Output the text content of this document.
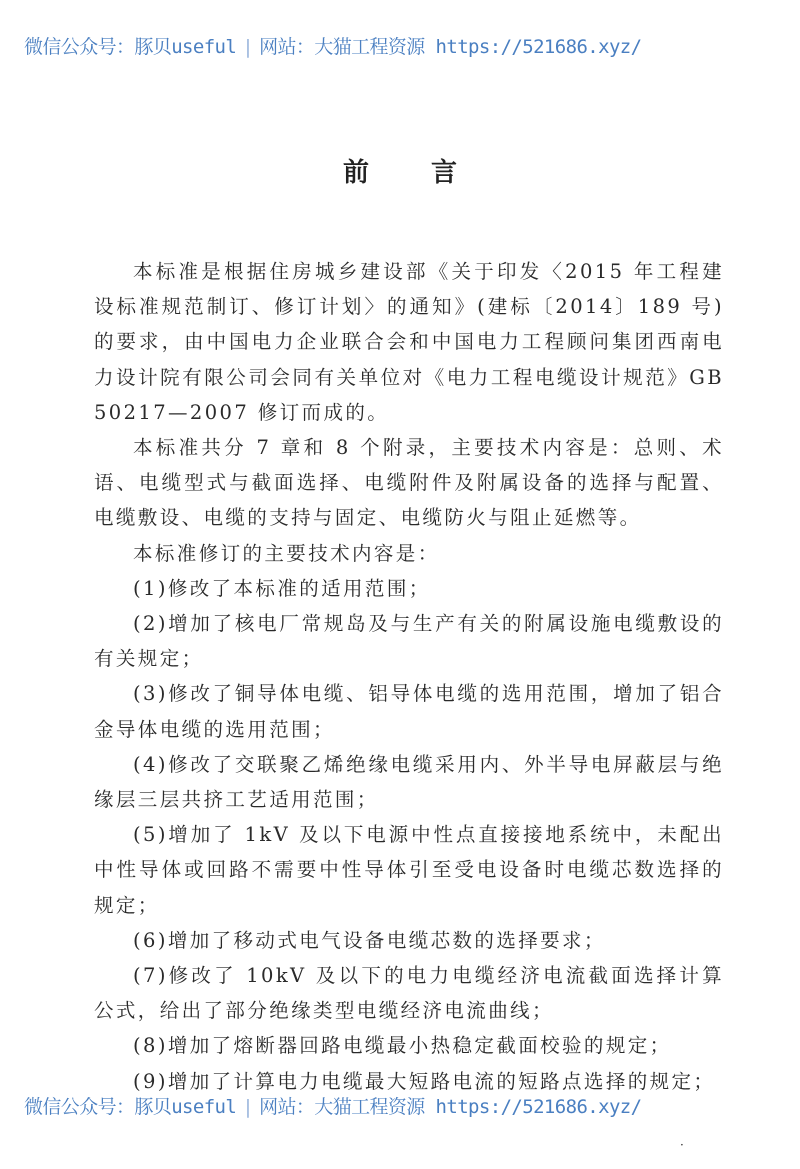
微信公众号：豚贝useful | 网站：大猫工程资源 https://521686.xyz/
前 言

本标准是根据住房城乡建设部《关于印发〈2015 年工程建设标准规范制订、修订计划〉的通知》(建标〔2014〕189 号)的要求，由中国电力企业联合会和中国电力工程顾问集团西南电力设计院有限公司会同有关单位对《电力工程电缆设计规范》GB 50217—2007 修订而成的。

本标准共分 7 章和 8 个附录，主要技术内容是：总则、术语、电缆型式与截面选择、电缆附件及附属设备的选择与配置、电缆敷设、电缆的支持与固定、电缆防火与阻止延燃等。

本标准修订的主要技术内容是：

(1)修改了本标准的适用范围；

(2)增加了核电厂常规岛及与生产有关的附属设施电缆敷设的有关规定；

(3)修改了铜导体电缆、铝导体电缆的选用范围，增加了铝合金导体电缆的选用范围；

(4)修改了交联聚乙烯绝缘电缆采用内、外半导电屏蔽层与绝缘层三层共挤工艺适用范围；

(5)增加了 1kV 及以下电源中性点直接接地系统中，未配出中性导体或回路不需要中性导体引至受电设备时电缆芯数选择的规定；

(6)增加了移动式电气设备电缆芯数的选择要求；

(7)修改了 10kV 及以下的电力电缆经济电流截面选择计算公式，给出了部分绝缘类型电缆经济电流曲线；

(8)增加了熔断器回路电缆最小热稳定截面校验的规定；

(9)增加了计算电力电缆最大短路电流的短路点选择的规定；

微信公众号：豚贝useful | 网站：大猫工程资源 https://521686.xyz/
·
